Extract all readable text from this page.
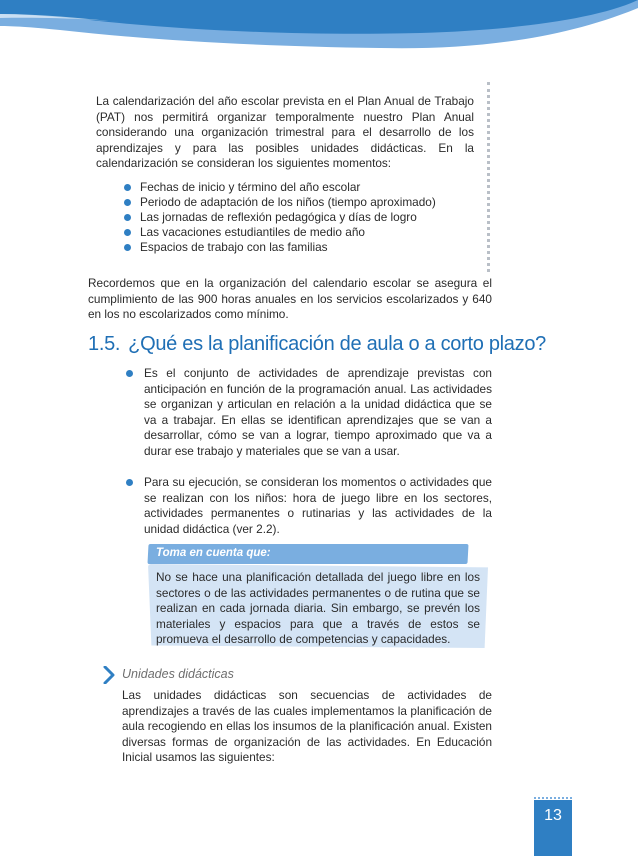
La calendarización del año escolar prevista en el Plan Anual de Trabajo (PAT) nos permitirá organizar temporalmente nuestro Plan Anual considerando una organización trimestral para el desarrollo de los aprendizajes y para las posibles unidades didácticas. En la calendarización se consideran los siguientes momentos:
Fechas de inicio y término del año escolar
Periodo de adaptación de los niños (tiempo aproximado)
Las jornadas de reflexión pedagógica y días de logro
Las vacaciones estudiantiles de medio año
Espacios de trabajo con las familias
Recordemos que en la organización del calendario escolar se asegura el cumplimiento de las 900 horas anuales en los servicios escolarizados y 640 en los no escolarizados como mínimo.
1.5. ¿Qué es la planificación de aula o a corto plazo?
Es el conjunto de actividades de aprendizaje previstas con anticipación en función de la programación anual. Las actividades se organizan y articulan en relación a la unidad didáctica que se va a trabajar. En ellas se identifican aprendizajes que se van a desarrollar, cómo se van a lograr, tiempo aproximado que va a durar ese trabajo y materiales que se van a usar.
Para su ejecución, se consideran los momentos o actividades que se realizan con los niños: hora de juego libre en los sectores, actividades permanentes o rutinarias y las actividades de la unidad didáctica (ver 2.2).
Toma en cuenta que:
No se hace una planificación detallada del juego libre en los sectores o de las actividades permanentes o de rutina que se realizan en cada jornada diaria. Sin embargo, se prevén los materiales y espacios para que a través de estos se promueva el desarrollo de competencias y capacidades.
Unidades didácticas
Las unidades didácticas son secuencias de actividades de aprendizajes a través de las cuales implementamos la planificación de aula recogiendo en ellas los insumos de la planificación anual. Existen diversas formas de organización de las actividades. En Educación Inicial usamos las siguientes:
13
